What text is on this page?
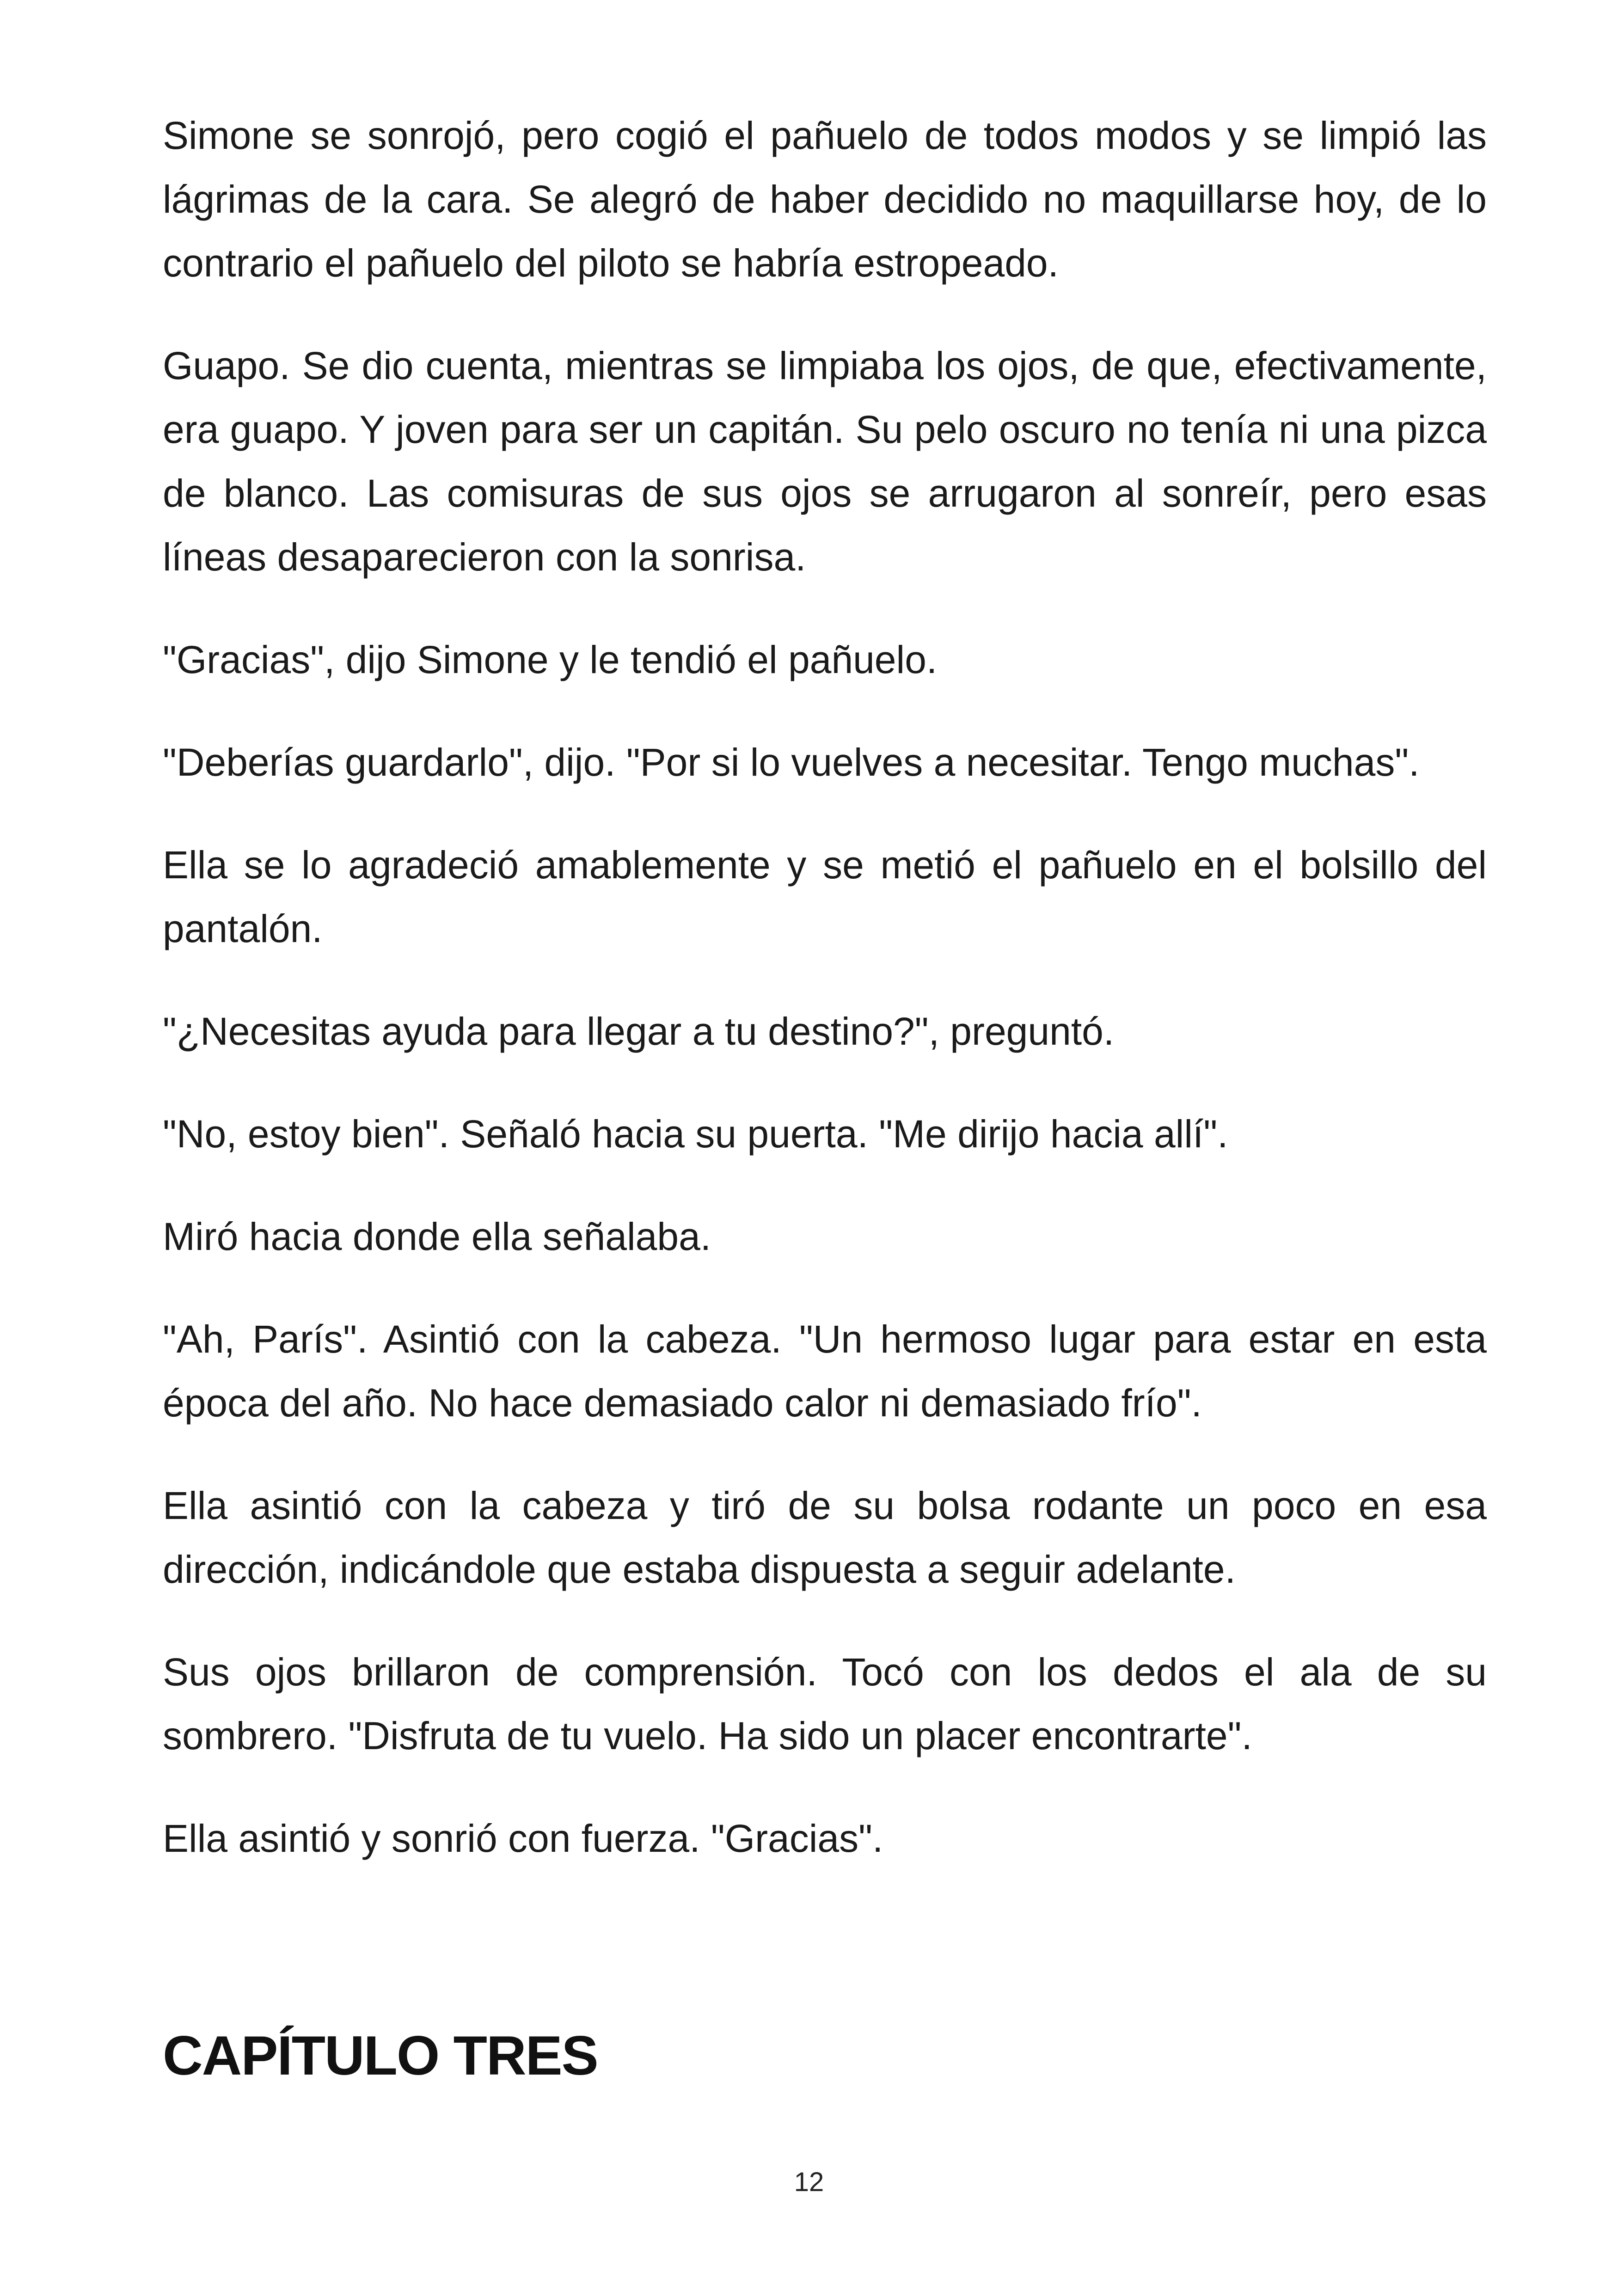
Simone se sonrojó, pero cogió el pañuelo de todos modos y se limpió las lágrimas de la cara. Se alegró de haber decidido no maquillarse hoy, de lo contrario el pañuelo del piloto se habría estropeado.

Guapo. Se dio cuenta, mientras se limpiaba los ojos, de que, efectivamente, era guapo. Y joven para ser un capitán. Su pelo oscuro no tenía ni una pizca de blanco. Las comisuras de sus ojos se arrugaron al sonreír, pero esas líneas desaparecieron con la sonrisa.

"Gracias", dijo Simone y le tendió el pañuelo.

"Deberías guardarlo", dijo. "Por si lo vuelves a necesitar. Tengo muchas".

Ella se lo agradeció amablemente y se metió el pañuelo en el bolsillo del pantalón.

"¿Necesitas ayuda para llegar a tu destino?", preguntó.

"No, estoy bien". Señaló hacia su puerta. "Me dirijo hacia allí".

Miró hacia donde ella señalaba.

"Ah, París". Asintió con la cabeza. "Un hermoso lugar para estar en esta época del año. No hace demasiado calor ni demasiado frío".

Ella asintió con la cabeza y tiró de su bolsa rodante un poco en esa dirección, indicándole que estaba dispuesta a seguir adelante.

Sus ojos brillaron de comprensión. Tocó con los dedos el ala de su sombrero. "Disfruta de tu vuelo. Ha sido un placer encontrarte".

Ella asintió y sonrió con fuerza. "Gracias".

CAPÍTULO TRES
12
